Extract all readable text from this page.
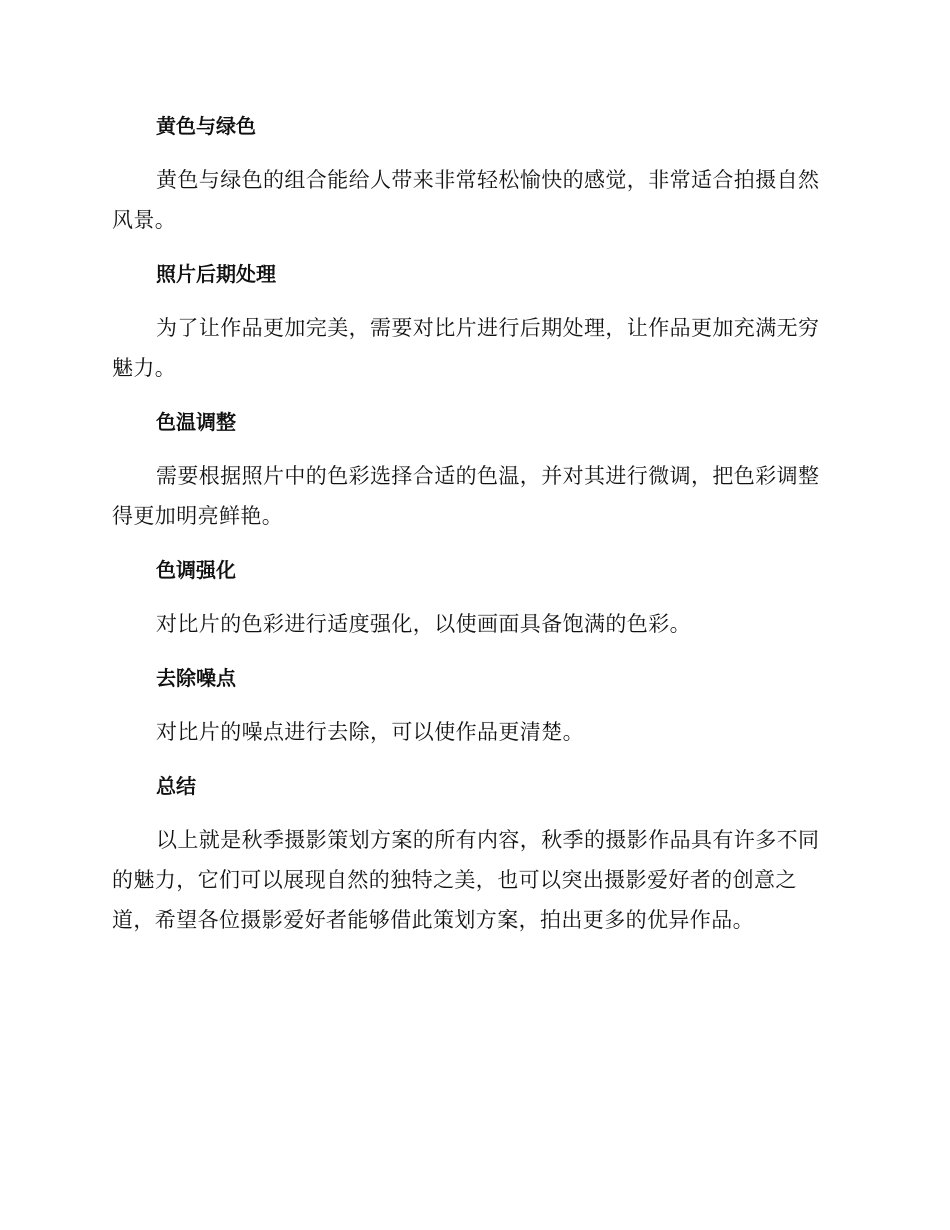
黄色与绿色
黄色与绿色的组合能给人带来非常轻松愉快的感觉，非常适合拍摄自然风景。
照片后期处理
为了让作品更加完美，需要对比片进行后期处理，让作品更加充满无穷魅力。
色温调整
需要根据照片中的色彩选择合适的色温，并对其进行微调，把色彩调整得更加明亮鲜艳。
色调强化
对比片的色彩进行适度强化，以使画面具备饱满的色彩。
去除噪点
对比片的噪点进行去除，可以使作品更清楚。
总结
以上就是秋季摄影策划方案的所有内容，秋季的摄影作品具有许多不同的魅力，它们可以展现自然的独特之美，也可以突出摄影爱好者的创意之道，希望各位摄影爱好者能够借此策划方案，拍出更多的优异作品。
